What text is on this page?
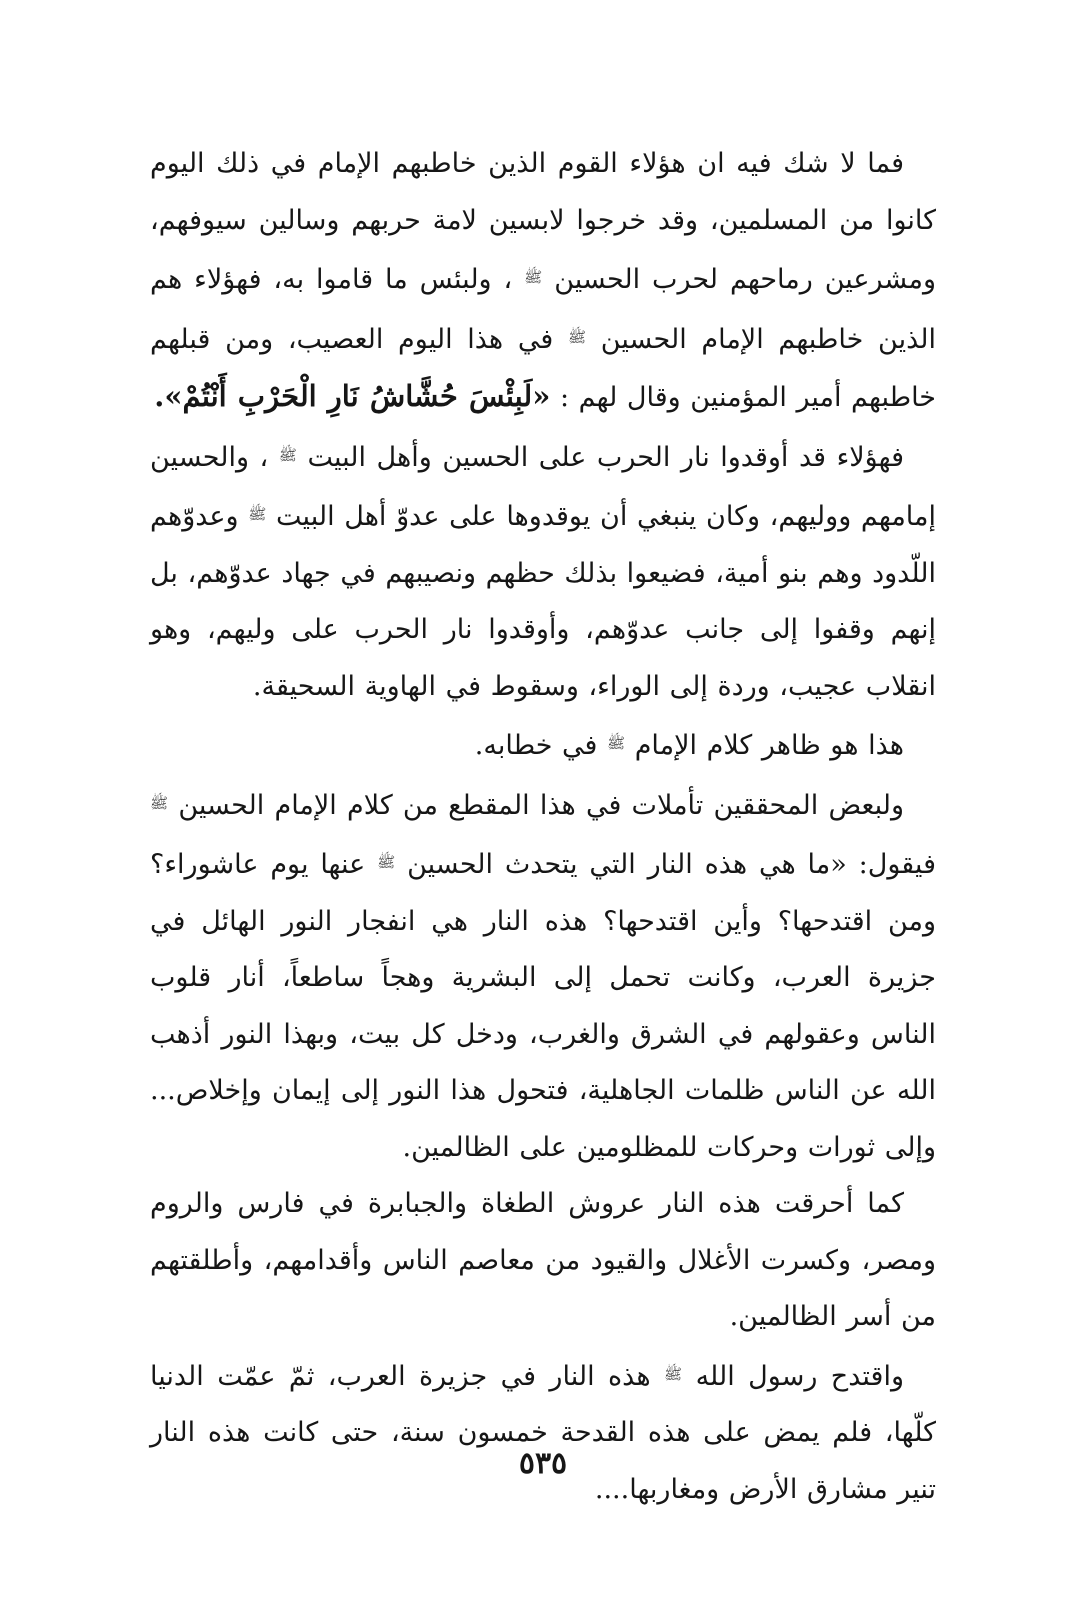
فما لا شك فيه ان هؤلاء القوم الذين خاطبهم الإمام في ذلك اليوم كانوا من المسلمين، وقد خرجوا لابسين لامة حربهم وسالين سيوفهم، ومشرعين رماحهم لحرب الحسين $^ﷺ$ ، ولبئس ما قاموا به، فهؤلاء هم الذين خاطبهم الإمام الحسين $^ﷺ$ في هذا اليوم العصيب، ومن قبلهم خاطبهم أمير المؤمنين وقال لهم : «لَبِئْسَ حُشَّاشُ نَارِ الْحَرْبِ أَنْتُمْ».

فهؤلاء قد أوقدوا نار الحرب على الحسين وأهل البيت $^ﷺ$ ، والحسين إمامهم ووليهم، وكان ينبغي أن يوقدوها على عدوّ أهل البيت $^ﷺ$ وعدوّهم اللّدود وهم بنو أمية، فضيعوا بذلك حظهم ونصيبهم في جهاد عدوّهم، بل إنهم وقفوا إلى جانب عدوّهم، وأوقدوا نار الحرب على وليهم، وهو انقلاب عجيب، وردة إلى الوراء، وسقوط في الهاوية السحيقة.

هذا هو ظاهر كلام الإمام $^ﷺ$ في خطابه.

ولبعض المحققين تأملات في هذا المقطع من كلام الإمام الحسين $^ﷺ$ فيقول: «ما هي هذه النار التي يتحدث الحسين $^ﷺ$ عنها يوم عاشوراء؟ ومن اقتدحها؟ وأين اقتدحها؟ هذه النار هي انفجار النور الهائل في جزيرة العرب، وكانت تحمل إلى البشرية وهجاً ساطعاً، أنار قلوب الناس وعقولهم في الشرق والغرب، ودخل كل بيت، وبهذا النور أذهب الله عن الناس ظلمات الجاهلية، فتحول هذا النور إلى إيمان وإخلاص... وإلى ثورات وحركات للمظلومين على الظالمين.

كما أحرقت هذه النار عروش الطغاة والجبابرة في فارس والروم ومصر، وكسرت الأغلال والقيود من معاصم الناس وأقدامهم، وأطلقتهم من أسر الظالمين.

واقتدح رسول الله $^ﷺ$ هذه النار في جزيرة العرب، ثمّ عمّت الدنيا كلّها، فلم يمض على هذه القدحة خمسون سنة، حتى كانت هذه النار تنير مشارق الأرض ومغاربها....

٥٣٥
